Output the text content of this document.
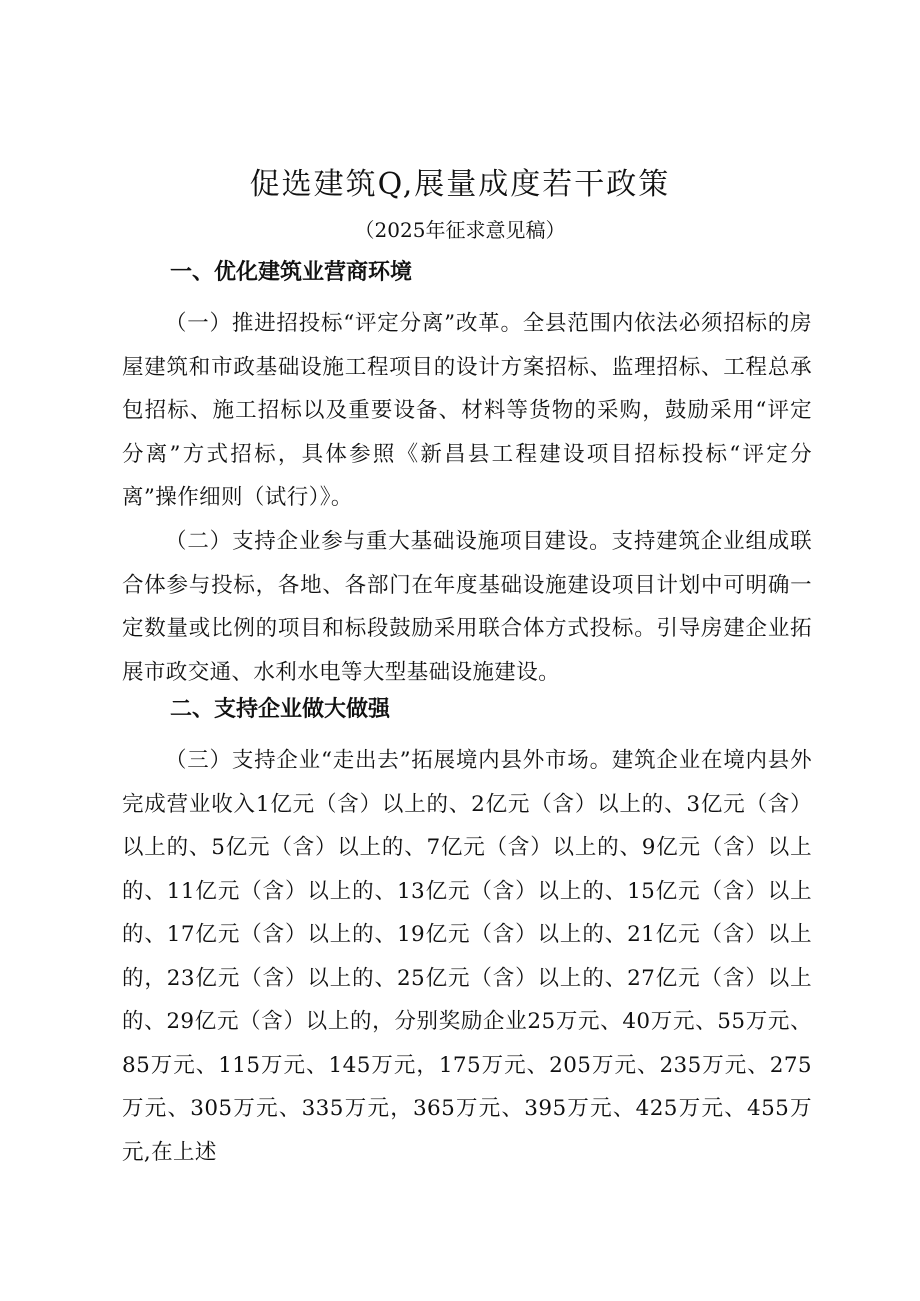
促选建筑Q,展量成度若干政策
（2025年征求意见稿）
一、优化建筑业营商环境
（一）推进招投标“评定分离”改革。全县范围内依法必须招标的房屋建筑和市政基础设施工程项目的设计方案招标、监理招标、工程总承包招标、施工招标以及重要设备、材料等货物的采购，鼓励采用“评定分离”方式招标，具体参照《新昌县工程建设项目招标投标“评定分离”操作细则（试行）》。
（二）支持企业参与重大基础设施项目建设。支持建筑企业组成联合体参与投标，各地、各部门在年度基础设施建设项目计划中可明确一定数量或比例的项目和标段鼓励采用联合体方式投标。引导房建企业拓展市政交通、水利水电等大型基础设施建设。
二、支持企业做大做强
（三）支持企业“走出去”拓展境内县外市场。建筑企业在境内县外完成营业收入1亿元（含）以上的、2亿元（含）以上的、3亿元（含）以上的、5亿元（含）以上的、7亿元（含）以上的、9亿元（含）以上的、11亿元（含）以上的、13亿元（含）以上的、15亿元（含）以上的、17亿元（含）以上的、19亿元（含）以上的、21亿元（含）以上的，23亿元（含）以上的、25亿元（含）以上的、27亿元（含）以上的、29亿元（含）以上的，分别奖励企业25万元、40万元、55万元、85万元、115万元、145万元，175万元、205万元、235万元、275万元、305万元、335万元，365万元、395万元、425万元、455万元,在上述
